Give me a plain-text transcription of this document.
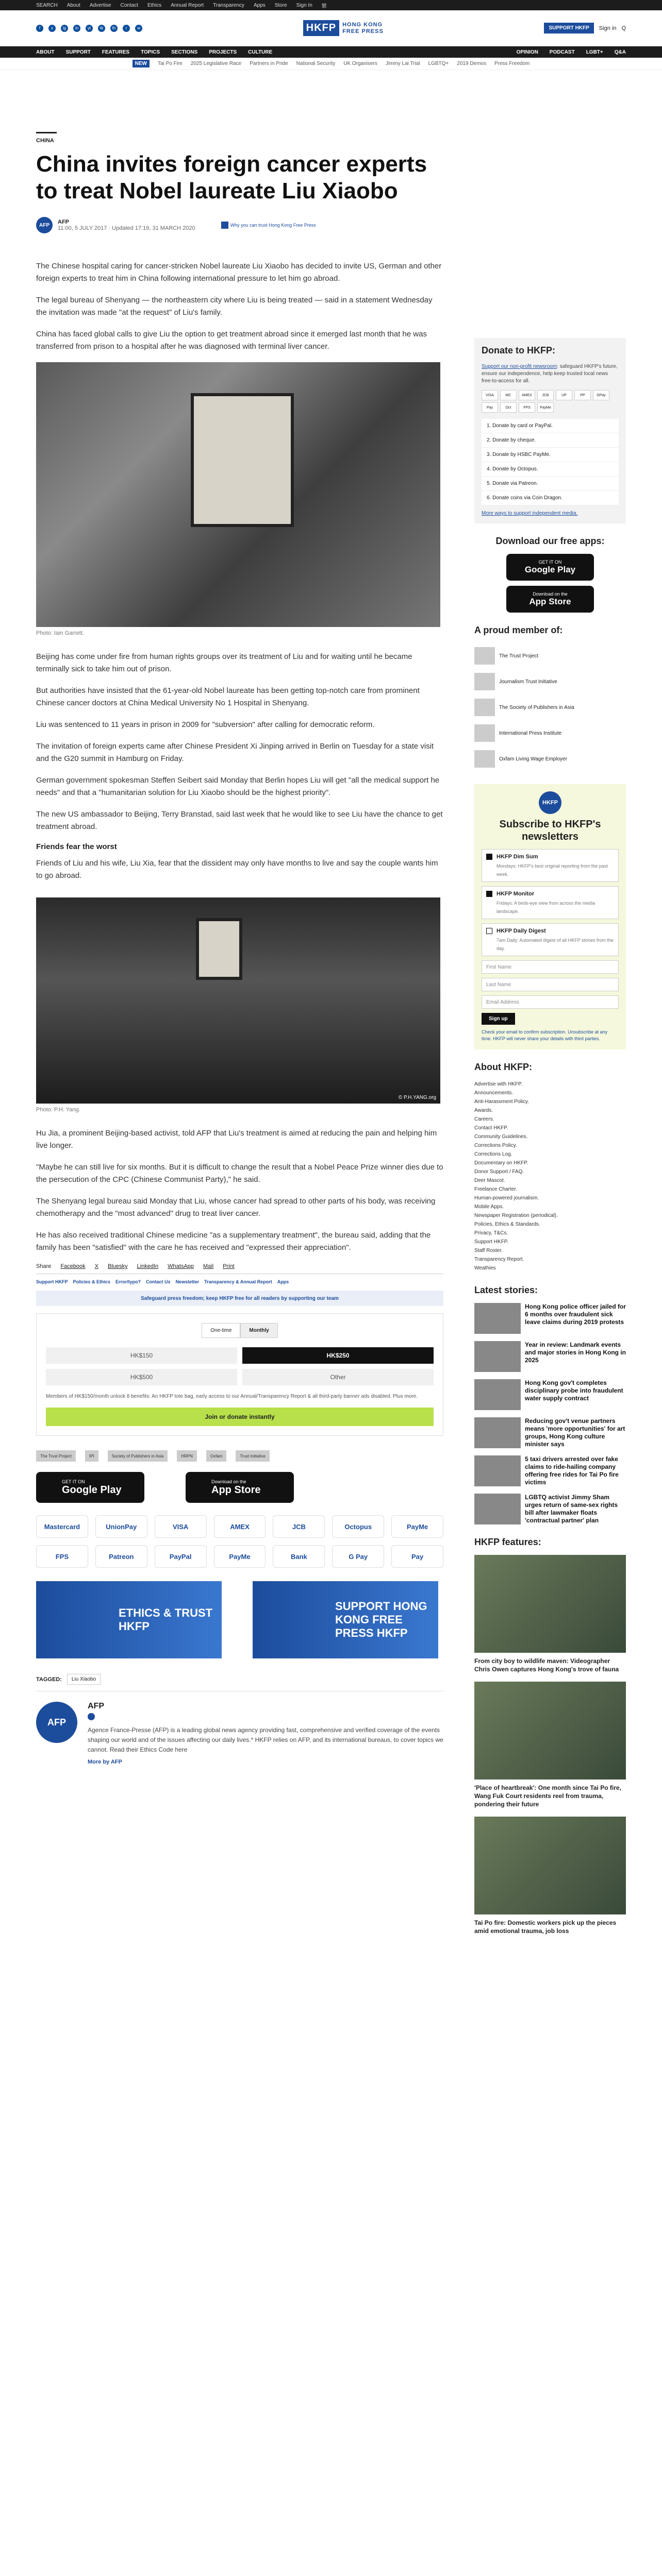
SEARCH About Advertise Contact Ethics Annual Report Transparency Apps Store Sign In 繁
f	x	ig	in	yt	tk	th	r	w	HKFP	HONG KONG
FREE PRESS	SUPPORT HKFP	Sign in Q
ABOUT SUPPORT FEATURES TOPICS SECTIONS PROJECTS CULTURE	OPINION PODCAST LGBT+ Q&A
NEW	Tai Po Fire 2025 Legislative Race Partners in Pride National Security UK Organisers Jimmy Lai Trial LGBTQ+ 2019 Demos Press Freedom
CHINA
China invites foreign cancer experts to treat Nobel laureate Liu Xiaobo
AFP	AFP
11:00, 5 JULY 2017 · Updated 17:19, 31 MARCH 2020	Why you can trust Hong Kong Free Press

The Chinese hospital caring for cancer-stricken Nobel laureate Liu Xiaobo has decided to invite US, German and other foreign experts to treat him in China following international pressure to let him go abroad.

The legal bureau of Shenyang — the northeastern city where Liu is being treated — said in a statement Wednesday the invitation was made "at the request" of Liu's family.

China has faced global calls to give Liu the option to get treatment abroad since it emerged last month that he was transferred from prison to a hospital after he was diagnosed with terminal liver cancer.

Photo: Iain Garrett.

Beijing has come under fire from human rights groups over its treatment of Liu and for waiting until he became terminally sick to take him out of prison.

But authorities have insisted that the 61-year-old Nobel laureate has been getting top-notch care from prominent Chinese cancer doctors at China Medical University No 1 Hospital in Shenyang.

Liu was sentenced to 11 years in prison in 2009 for "subversion" after calling for democratic reform.

The invitation of foreign experts came after Chinese President Xi Jinping arrived in Berlin on Tuesday for a state visit and the G20 summit in Hamburg on Friday.

German government spokesman Steffen Seibert said Monday that Berlin hopes Liu will get "all the medical support he needs" and that a "humanitarian solution for Liu Xiaobo should be the highest priority".

The new US ambassador to Beijing, Terry Branstad, said last week that he would like to see Liu have the chance to get treatment abroad.

Friends fear the worst

Friends of Liu and his wife, Liu Xia, fear that the dissident may only have months to live and say the couple wants him to go abroad.

© P.H.YANG.org
Photo: P.H. Yang.

Hu Jia, a prominent Beijing-based activist, told AFP that Liu's treatment is aimed at reducing the pain and helping him live longer.

"Maybe he can still live for six months. But it is difficult to change the result that a Nobel Peace Prize winner dies due to the persecution of the CPC (Chinese Communist Party)," he said.

The Shenyang legal bureau said Monday that Liu, whose cancer had spread to other parts of his body, was receiving chemotherapy and the "most advanced" drug to treat liver cancer.

He has also received traditional Chinese medicine "as a supplementary treatment", the bureau said, adding that the family has been "satisfied" with the care he has received and "expressed their appreciation".

Share Facebook X Bluesky LinkedIn WhatsApp Mail Print
Support HKFP Policies & Ethics Error/typo? Contact Us Newsletter Transparency & Annual Report Apps
Safeguard press freedom; keep HKFP free for all readers by supporting our team
One-time	Monthly
HK$150	HK$250
HK$500	Other
Members of HK$150/month unlock 8 benefits: An HKFP tote bag, early access to our Annual/Transparency Report & all third-party banner ads disabled. Plus more.
Join or donate instantly
The Trust Project	IPI	Society of Publishers in Asia	HRPN	Oxfam	Trust Initiative
GET IT ON
Google Play
Download on the
App Store
Mastercard	UnionPay	VISA	AMEX	JCB	Octopus	PayMe
FPS	Patreon	PayPal	PayMe	Bank	G Pay	Pay
ETHICS & TRUST HKFP
SUPPORT HONG KONG FREE PRESS HKFP
TAGGED:	Liu Xiaobo
AFP
AFP

Agence France-Presse (AFP) is a leading global news agency providing fast, comprehensive and verified coverage of the events shaping our world and of the issues affecting our daily lives.* HKFP relies on AFP, and its international bureaus, to cover topics we cannot. Read their Ethics Code here

More by AFP
Donate to HKFP:
Support our non-profit newsroom: safeguard HKFP's future, ensure our independence, help keep trusted local news free-to-access for all.
VISA	MC	AMEX	JCB	UP	PP	GPay
Pay	Oct	FPS	PayMe
1. Donate by card or PayPal.
2. Donate by cheque.
3. Donate by HSBC PayMe.
4. Donate by Octopus.
5. Donate via Patreon.
6. Donate coins via Coin Dragon.
More ways to support independent media.
Download our free apps:
GET IT ON
Google Play
Download on the
App Store
A proud member of:
The Trust Project
Journalism Trust Initiative
The Society of Publishers in Asia
International Press Institute
Oxfam Living Wage Employer
HKFP
Subscribe to HKFP's newsletters
HKFP Dim Sum
Mondays: HKFP's best original reporting from the past week.
HKFP Monitor
Fridays: A birds-eye view from across the media landscape.
HKFP Daily Digest
7am Daily: Automated digest of all HKFP stories from the day.
First Name
Last Name
Email Address
Sign up
Check your email to confirm subscription. Unsubscribe at any time. HKFP will never share your details with third parties.
About HKFP:
Advertise with HKFP.
Announcements.
Anti-Harassment Policy.
Awards.
Careers.
Contact HKFP.
Community Guidelines.
Corrections Policy.
Corrections Log.
Documentary on HKFP.
Donor Support / FAQ.
Deer Mascot.
Freelance Charter.
Human-powered journalism.
Mobile Apps.
Newspaper Registration (periodical).
Policies, Ethics & Standards.
Privacy, T&Cs.
Support HKFP.
Staff Roster.
Transparency Report.
Weathies
Latest stories:
Hong Kong police officer jailed for 6 months over fraudulent sick leave claims during 2019 protests
Year in review: Landmark events and major stories in Hong Kong in 2025
Hong Kong gov't completes disciplinary probe into fraudulent water supply contract
Reducing gov't venue partners means 'more opportunities' for art groups, Hong Kong culture minister says
5 taxi drivers arrested over fake claims to ride-hailing company offering free rides for Tai Po fire victims
LGBTQ activist Jimmy Sham urges return of same-sex rights bill after lawmaker floats 'contractual partner' plan
HKFP features:
From city boy to wildlife maven: Videographer Chris Owen captures Hong Kong's trove of fauna
'Place of heartbreak': One month since Tai Po fire, Wang Fuk Court residents reel from trauma, pondering their future
Tai Po fire: Domestic workers pick up the pieces amid emotional trauma, job loss
